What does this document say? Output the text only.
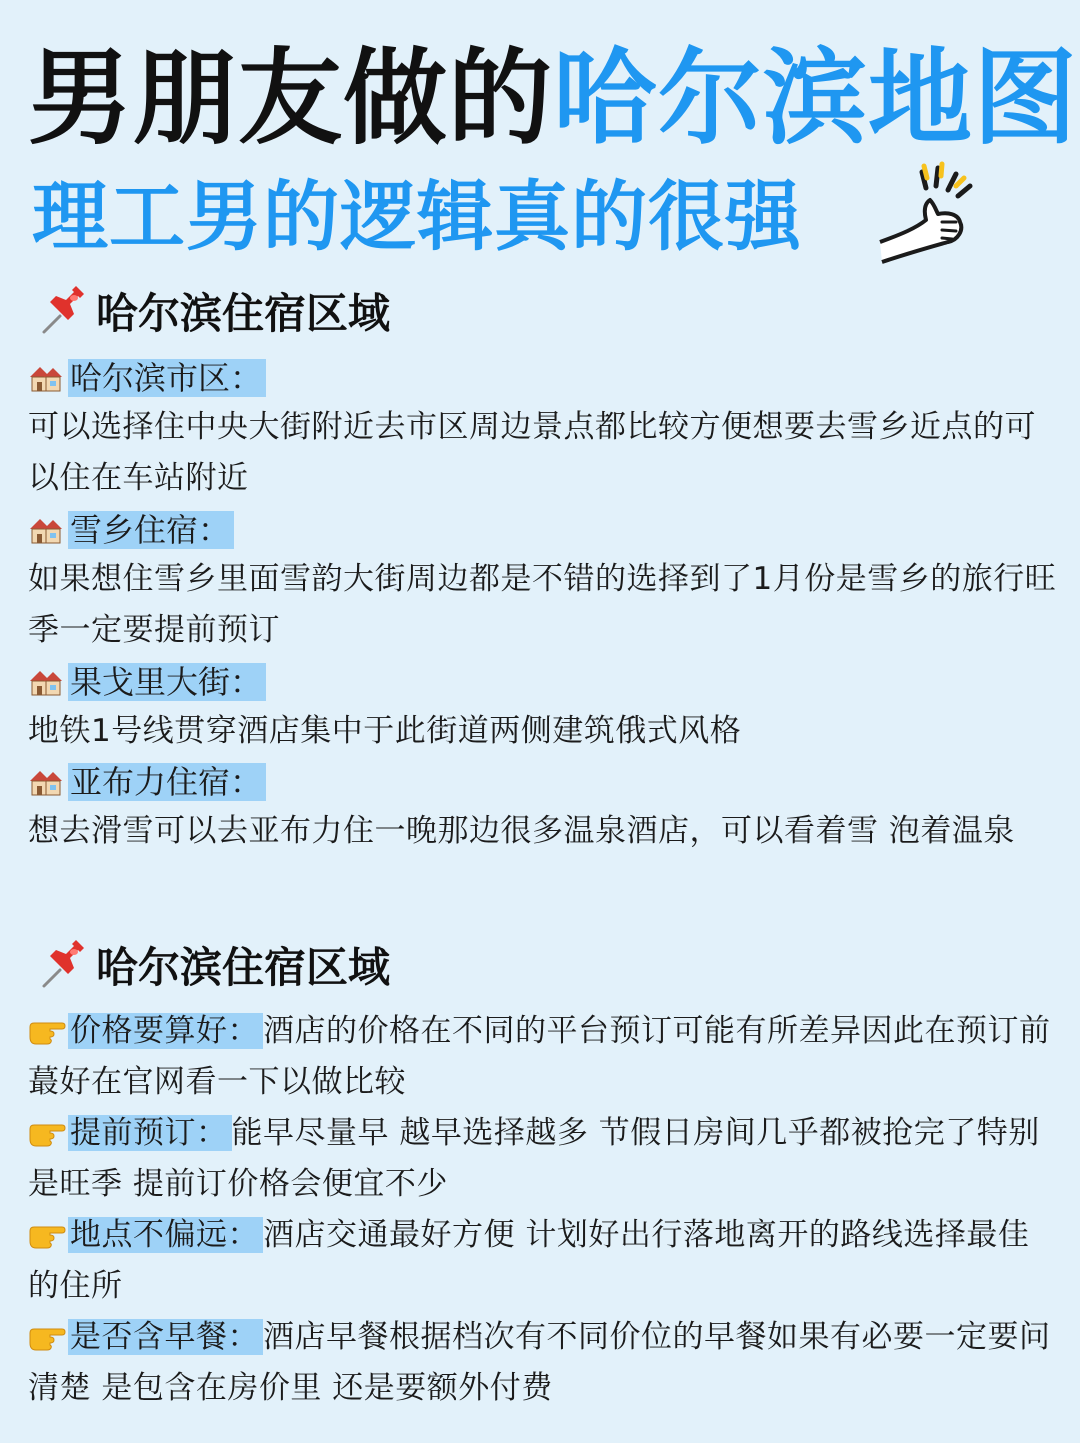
男朋友做的哈尔滨地图
理工男的逻辑真的很强
哈尔滨住宿区域
哈尔滨市区：
可以选择住中央大街附近去市区周边景点都比较方便想要去雪乡近点的可以住在车站附近
雪乡住宿：
如果想住雪乡里面雪韵大街周边都是不错的选择到了1月份是雪乡的旅行旺季一定要提前预订
果戈里大街：
地铁1号线贯穿酒店集中于此街道两侧建筑俄式风格
亚布力住宿：
想去滑雪可以去亚布力住一晚那边很多温泉酒店，可以看着雪 泡着温泉
哈尔滨住宿区域
价格要算好： 酒店的价格在不同的平台预订可能有所差异因此在预订前蕞好在官网看一下以做比较
提前预订： 能早尽量早 越早选择越多 节假日房间几乎都被抢完了特别是旺季 提前订价格会便宜不少
地点不偏远： 酒店交通最好方便 计划好出行落地离开的路线选择最佳的住所
是否含早餐： 酒店早餐根据档次有不同价位的早餐如果有必要一定要问清楚 是包含在房价里 还是要额外付费
